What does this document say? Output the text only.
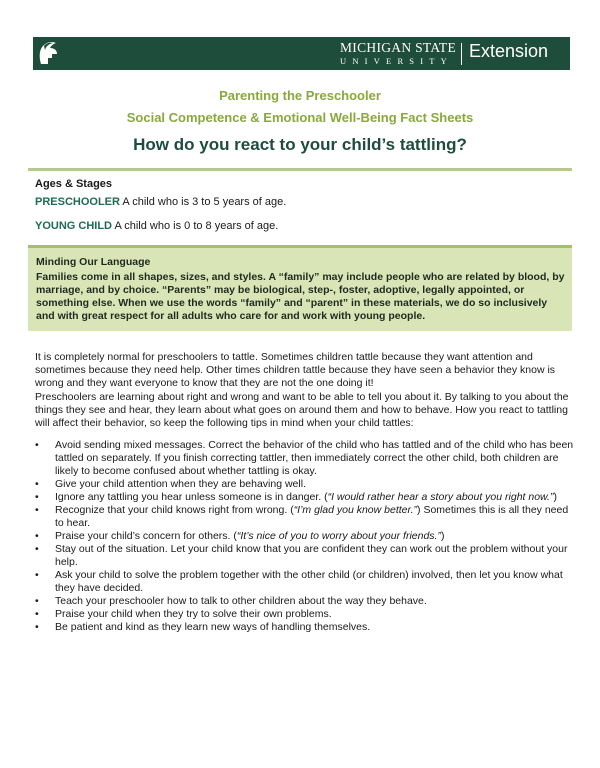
MICHIGAN STATE
UNIVERSITY Extension
Parenting the Preschooler
Social Competence & Emotional Well-Being Fact Sheets
How do you react to your child’s tattling?
Ages & Stages
PRESCHOOLER A child who is 3 to 5 years of age.
YOUNG CHILD A child who is 0 to 8 years of age.
Minding Our Language
Families come in all shapes, sizes, and styles. A “family” may include people who are related by blood, by marriage, and by choice. “Parents” may be biological, step-, foster, adoptive, legally appointed, or something else. When we use the words “family” and “parent” in these materials, we do so inclusively and with great respect for all adults who care for and work with young people.
It is completely normal for preschoolers to tattle. Sometimes children tattle because they want attention and sometimes because they need help. Other times children tattle because they have seen a behavior they know is wrong and they want everyone to know that they are not the one doing it!
Preschoolers are learning about right and wrong and want to be able to tell you about it. By talking to you about the things they see and hear, they learn about what goes on around them and how to behave. How you react to tattling will affect their behavior, so keep the following tips in mind when your child tattles:
• Avoid sending mixed messages. Correct the behavior of the child who has tattled and of the child who has been tattled on separately. If you finish correcting tattler, then immediately correct the other child, both children are likely to become confused about whether tattling is okay.
• Give your child attention when they are behaving well.
• Ignore any tattling you hear unless someone is in danger. (“I would rather hear a story about you right now.”)
• Recognize that your child knows right from wrong. (“I’m glad you know better.”) Sometimes this is all they need to hear.
• Praise your child’s concern for others. (“It’s nice of you to worry about your friends.”)
• Stay out of the situation. Let your child know that you are confident they can work out the problem without your help.
• Ask your child to solve the problem together with the other child (or children) involved, then let you know what they have decided.
• Teach your preschooler how to talk to other children about the way they behave.
• Praise your child when they try to solve their own problems.
• Be patient and kind as they learn new ways of handling themselves.
